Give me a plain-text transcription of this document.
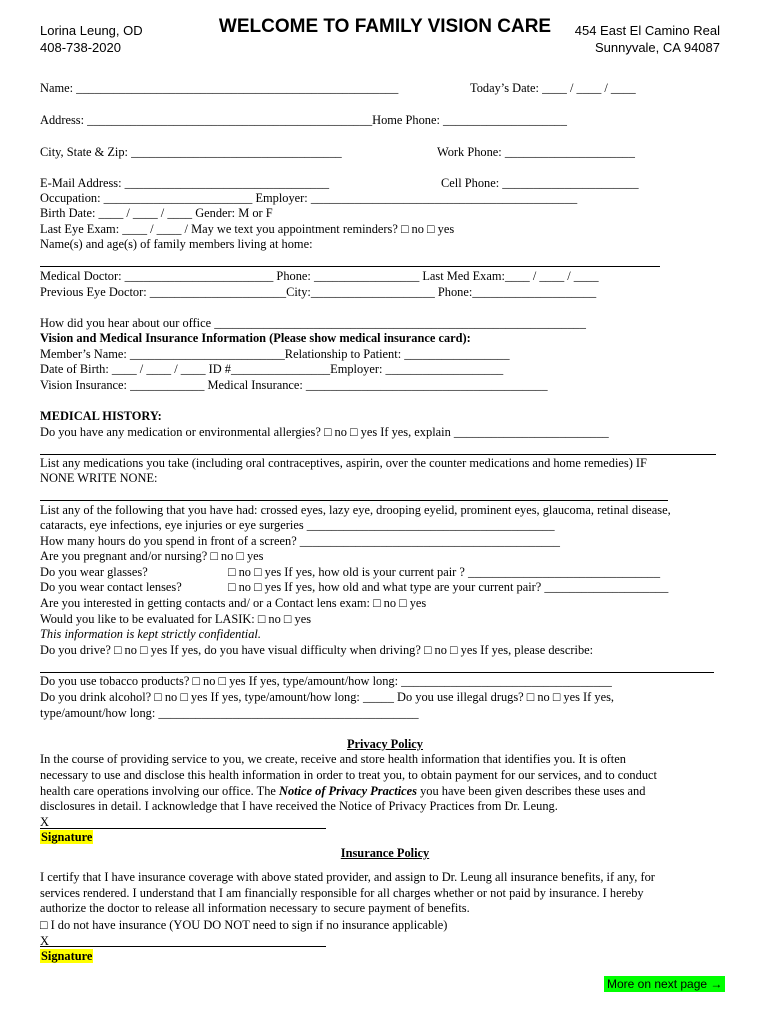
Lorina Leung, OD
408-738-2020
WELCOME TO FAMILY VISION CARE	454 East El Camino Real
Sunnyvale, CA 94087
Name: ____________________________________________________	Today’s Date: ____ / ____ / ____
Address: ______________________________________________Home Phone: ____________________
City, State & Zip: __________________________________	Work Phone: _____________________
E-Mail Address: _________________________________	Cell Phone: ______________________
Occupation: ________________________ Employer: ___________________________________________
Birth Date: ____ / ____ / ____ Gender: M or F
Last Eye Exam: ____ / ____ / May we text you appointment reminders? □ no □ yes
Name(s) and age(s) of family members living at home:
Medical Doctor: ________________________ Phone: _________________ Last Med Exam:____ / ____ / ____
Previous Eye Doctor: ______________________City:____________________ Phone:____________________
How did you hear about our office ____________________________________________________________
Vision and Medical Insurance Information (Please show medical insurance card):
Member’s Name: _________________________Relationship to Patient: _________________
Date of Birth: ____ / ____ / ____ ID #________________Employer: ___________________
Vision Insurance: ____________ Medical Insurance: _______________________________________
MEDICAL HISTORY:
Do you have any medication or environmental allergies? □ no □ yes If yes, explain _________________________
List any medications you take (including oral contraceptives, aspirin, over the counter medications and home remedies) IF
NONE WRITE NONE:
List any of the following that you have had: crossed eyes, lazy eye, drooping eyelid, prominent eyes, glaucoma, retinal disease,
cataracts, eye infections, eye injuries or eye surgeries ________________________________________
How many hours do you spend in front of a screen? __________________________________________
Are you pregnant and/or nursing? □ no □ yes
Do you wear glasses?	□ no □ yes If yes, how old is your current pair ? _______________________________
Do you wear contact lenses?	□ no □ yes If yes, how old and what type are your current pair? ____________________
Are you interested in getting contacts and/ or a Contact lens exam: □ no □ yes
Would you like to be evaluated for LASIK: □ no □ yes
This information is kept strictly confidential.
Do you drive? □ no □ yes If yes, do you have visual difficulty when driving? □ no □ yes If yes, please describe:
Do you use tobacco products? □ no □ yes If yes, type/amount/how long: __________________________________
Do you drink alcohol? □ no □ yes If yes, type/amount/how long: _____ Do you use illegal drugs? □ no □ yes If yes,
type/amount/how long: __________________________________________
Privacy Policy
In the course of providing service to you, we create, receive and store health information that identifies you. It is often
necessary to use and disclose this health information in order to treat you, to obtain payment for our services, and to conduct
health care operations involving our office. The Notice of Privacy Practices you have been given describes these uses and
disclosures in detail. I acknowledge that I have received the Notice of Privacy Practices from Dr. Leung.
X
Signature
Insurance Policy
I certify that I have insurance coverage with above stated provider, and assign to Dr. Leung all insurance benefits, if any, for
services rendered. I understand that I am financially responsible for all charges whether or not paid by insurance. I hereby
authorize the doctor to release all information necessary to secure payment of benefits.
□ I do not have insurance (YOU DO NOT need to sign if no insurance applicable)
X
Signature
More on next page →
